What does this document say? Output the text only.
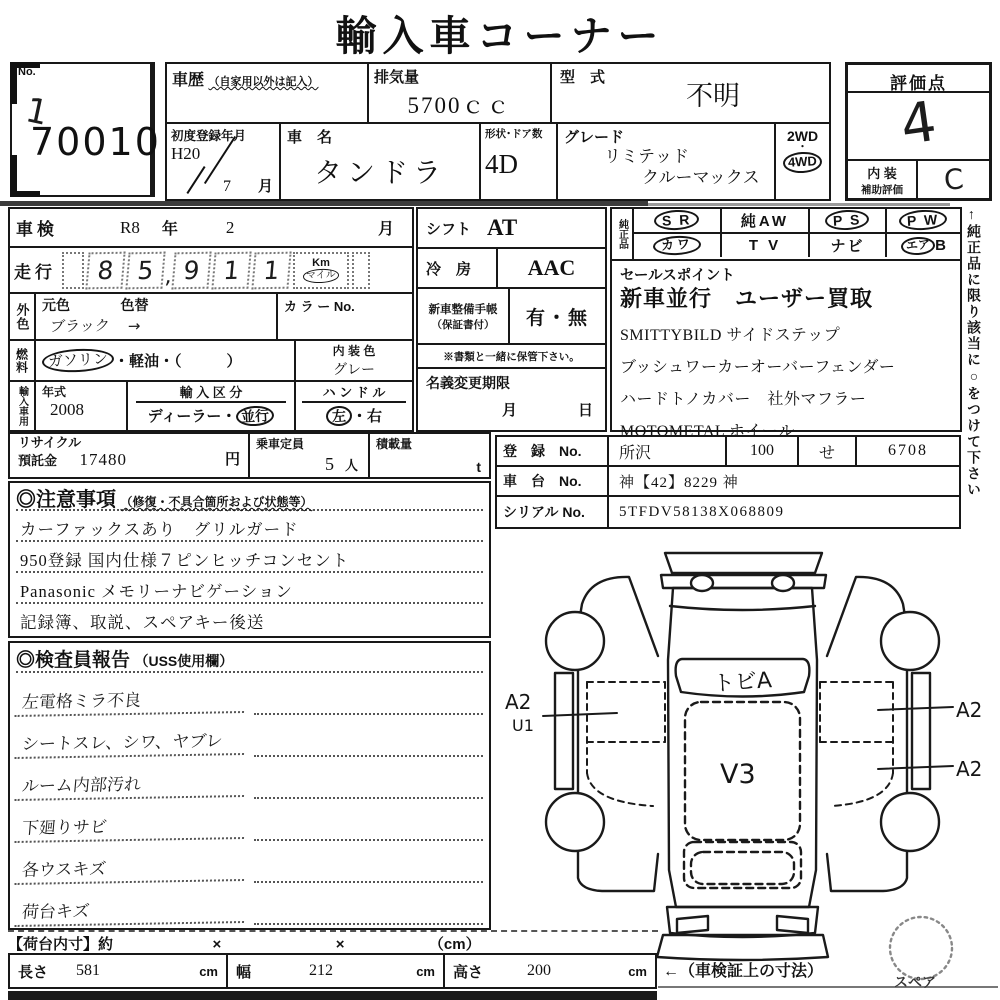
輸入車コーナー
No.
1
70010
車歴 （自家用以外は記入）	排気量
5700ｃｃ
型　式
不明
初度登録年月
H20
7 月
車　名
タンドラ
形状･ドア数
4D
グレード
リミテッド
クルーマックス
2WD
・
4WD
評価点
4
内 装
補助評価	C
車検	R8 年	2	月
走行	8 5 , 9 1 1	Km
マイル
外色 元色	色替
ブラック →
カ ラ ー No.
燃料	ガソリン ・軽油・（　　　）
内 装 色
グレー
輸入車用	年式
2008
輸 入 区 分
ディーラー・ 並行
ハ ン ド ル
左 ・右
シフト AT
冷　房	AAC
新車整備手帳
（保証書付）	有・無
※書類と一緒に保管下さい。
名義変更期限
月	日
純正品	S R	純AW	P S	P W
カワ	T V	ナビ	エア B
セールスポイント
新車並行　ユーザー買取
SMITTYBILD サイドステップ
ブッシュワーカーオーバーフェンダー
ハードトノカバー　社外マフラー
MOTOMETAL ホイール
登　録　No.	所沢	100	せ	6708
車　台　No.	神【42】8229 神
シリアル No.	5TFDV58138X068809
リサイクル
預託金 17480	円
乗車定員
5 人
積載量
t
◎注意事項 （修復・不具合箇所および状態等）
カーファックスあり　グリルガード
950登録 国内仕様７ピンヒッチコンセント
Panasonic メモリーナビゲーション
記録簿、取説、スペアキー後送
◎検査員報告 （USS使用欄）
左電格ミラ不良
シートスレ、シワ、ヤブレ
ルーム内部汚れ
下廻りサビ
各ウスキズ
荷台キズ
【荷台内寸】約	×	×	（cm）
長さ 581	cm 幅	212	cm 高さ	200	cm ←（車検証上の寸法）
←純正品に限り該当に○をつけて下さい
トビA
V3
A2
U1
A2
A2
スペア
